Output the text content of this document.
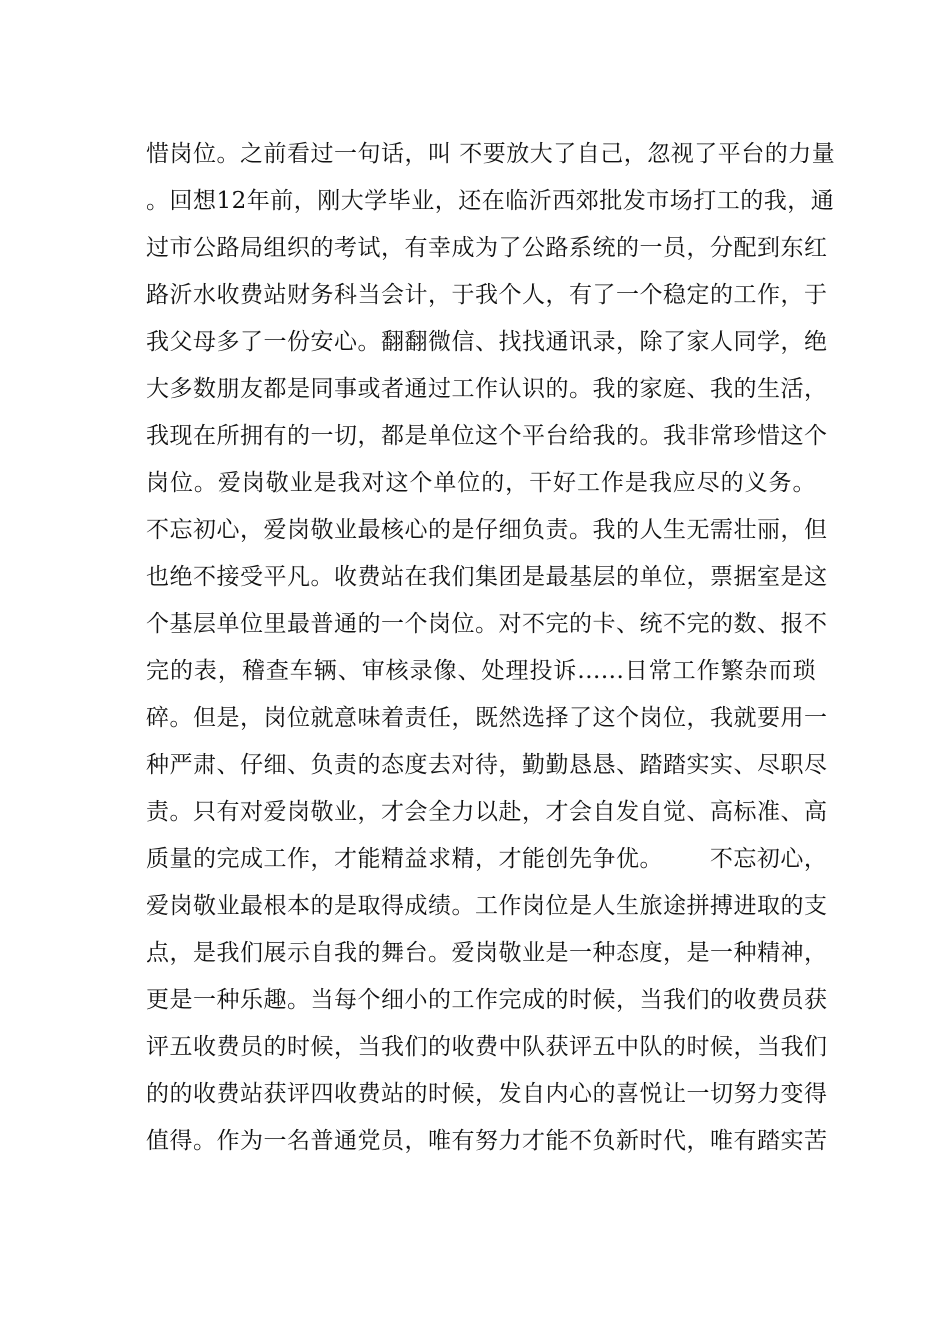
惜岗位。之前看过一句话，叫 不要放大了自己，忽视了平台的力量
。回想12年前，刚大学毕业，还在临沂西郊批发市场打工的我，通
过市公路局组织的考试，有幸成为了公路系统的一员，分配到东红
路沂水收费站财务科当会计，于我个人，有了一个稳定的工作，于
我父母多了一份安心。翻翻微信、找找通讯录，除了家人同学，绝
大多数朋友都是同事或者通过工作认识的。我的家庭、我的生活，
我现在所拥有的一切，都是单位这个平台给我的。我非常珍惜这个
岗位。爱岗敬业是我对这个单位的，干好工作是我应尽的义务。
不忘初心，爱岗敬业最核心的是仔细负责。我的人生无需壮丽，但
也绝不接受平凡。收费站在我们集团是最基层的单位，票据室是这
个基层单位里最普通的一个岗位。对不完的卡、统不完的数、报不
完的表，稽查车辆、审核录像、处理投诉......日常工作繁杂而琐
碎。但是，岗位就意味着责任，既然选择了这个岗位，我就要用一
种严肃、仔细、负责的态度去对待，勤勤恳恳、踏踏实实、尽职尽
责。只有对爱岗敬业，才会全力以赴，才会自发自觉、高标准、高
质量的完成工作，才能精益求精，才能创先争优。      不忘初心，
爱岗敬业最根本的是取得成绩。工作岗位是人生旅途拼搏进取的支
点，是我们展示自我的舞台。爱岗敬业是一种态度，是一种精神，
更是一种乐趣。当每个细小的工作完成的时候，当我们的收费员获
评五收费员的时候，当我们的收费中队获评五中队的时候，当我们
的的收费站获评四收费站的时候，发自内心的喜悦让一切努力变得
值得。作为一名普通党员，唯有努力才能不负新时代，唯有踏实苦
